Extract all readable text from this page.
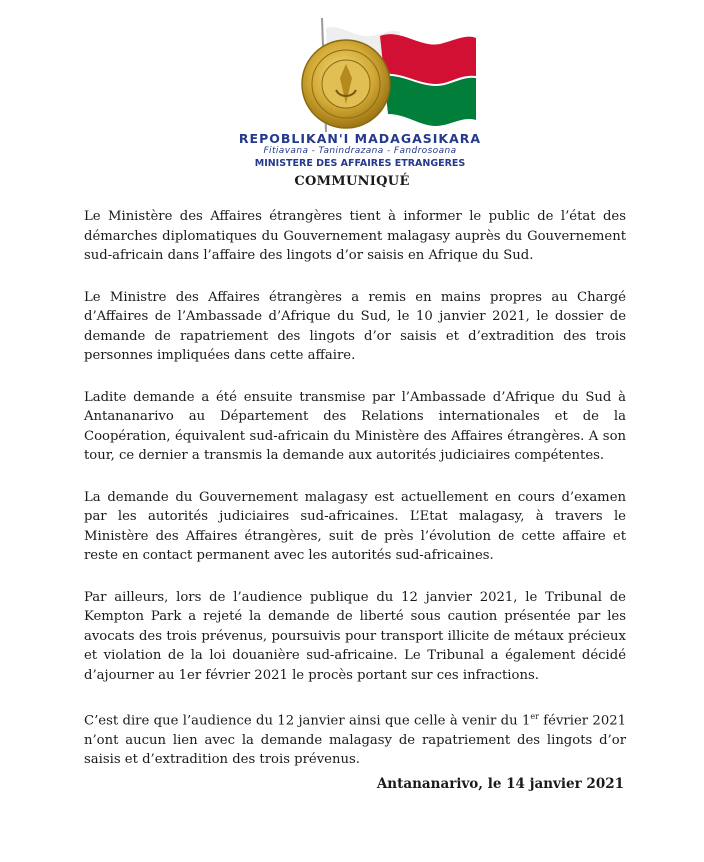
REPOBLIKAN'I MADAGASIKARA
Fitiavana - Tanindrazana - Fandrosoana
MINISTERE DES AFFAIRES ETRANGERES
COMMUNIQUÉ

Le Ministère des Affaires étrangères tient à informer le public de l’état des démarches diplomatiques du Gouvernement malagasy auprès du Gouvernement sud-africain dans l’affaire des lingots d’or saisis en Afrique du Sud.

Le Ministre des Affaires étrangères a remis en mains propres au Chargé d’Affaires de l’Ambassade d’Afrique du Sud, le 10 janvier 2021, le dossier de demande de rapatriement des lingots d’or saisis et d’extradition des trois personnes impliquées dans cette affaire.

Ladite demande a été ensuite transmise par l’Ambassade d’Afrique du Sud à Antananarivo au Département des Relations internationales et de la Coopération, équivalent sud-africain du Ministère des Affaires étrangères. A son tour, ce dernier a transmis la demande aux autorités judiciaires compétentes.

La demande du Gouvernement malagasy est actuellement en cours d’examen par les autorités judiciaires sud-africaines. L’Etat malagasy, à travers le Ministère des Affaires étrangères, suit de près l’évolution de cette affaire et reste en contact permanent avec les autorités sud-africaines.

Par ailleurs, lors de l’audience publique du 12 janvier 2021, le Tribunal de Kempton Park a rejeté la demande de liberté sous caution présentée par les avocats des trois prévenus, poursuivis pour transport illicite de métaux précieux et violation de la loi douanière sud-africaine. Le Tribunal a également décidé d’ajourner au 1er février 2021 le procès portant sur ces infractions.

C’est dire que l’audience du 12 janvier ainsi que celle à venir du 1er février 2021 n’ont aucun lien avec la demande malagasy de rapatriement des lingots d’or saisis et d’extradition des trois prévenus.

Antananarivo, le 14 janvier 2021
